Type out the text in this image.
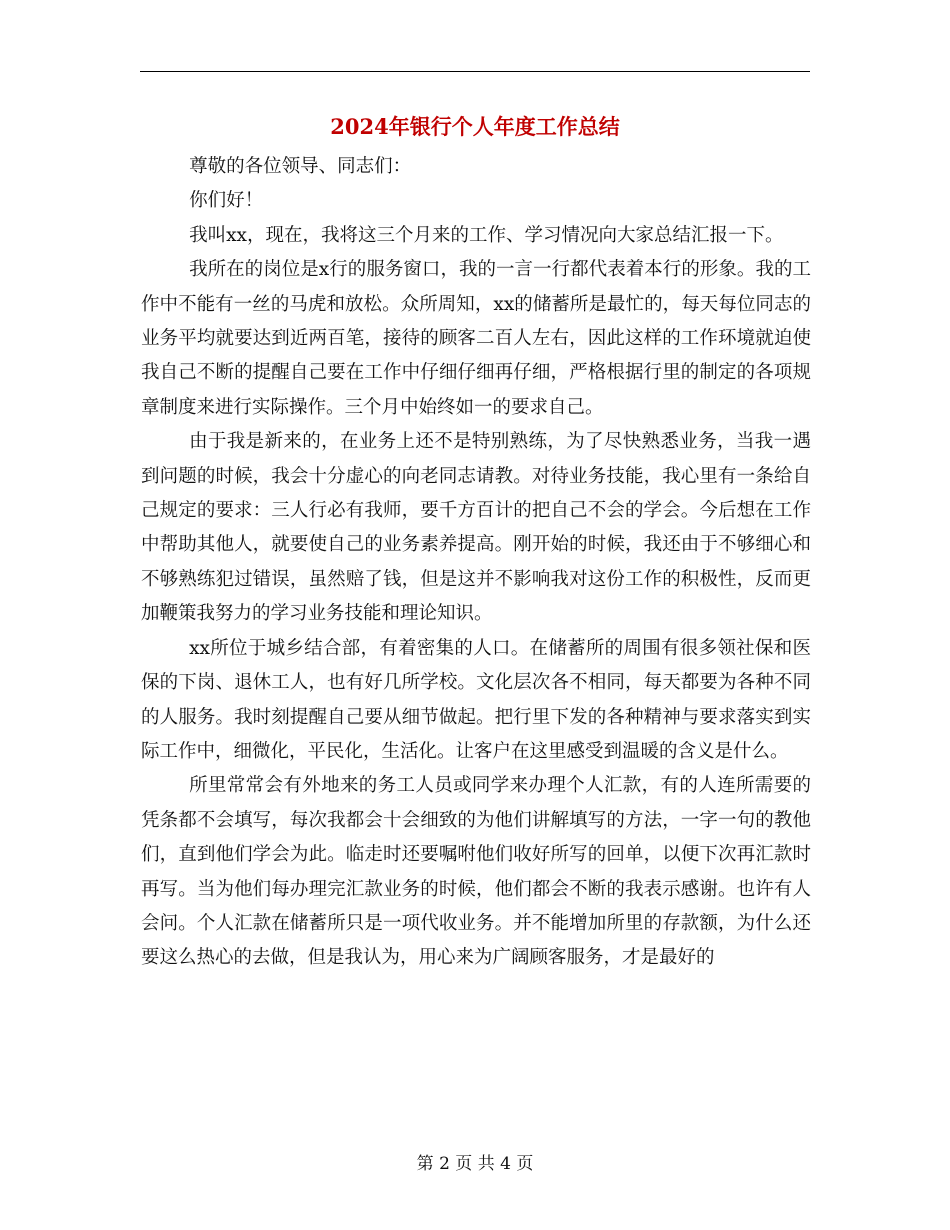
2024年银行个人年度工作总结

尊敬的各位领导、同志们：

你们好！

我叫xx，现在，我将这三个月来的工作、学习情况向大家总结汇报一下。

我所在的岗位是x行的服务窗口，我的一言一行都代表着本行的形象。我的工作中不能有一丝的马虎和放松。众所周知，xx的储蓄所是最忙的，每天每位同志的业务平均就要达到近两百笔，接待的顾客二百人左右，因此这样的工作环境就迫使我自己不断的提醒自己要在工作中仔细仔细再仔细，严格根据行里的制定的各项规章制度来进行实际操作。三个月中始终如一的要求自己。

由于我是新来的，在业务上还不是特别熟练，为了尽快熟悉业务，当我一遇到问题的时候，我会十分虚心的向老同志请教。对待业务技能，我心里有一条给自己规定的要求：三人行必有我师，要千方百计的把自己不会的学会。今后想在工作中帮助其他人，就要使自己的业务素养提高。刚开始的时候，我还由于不够细心和不够熟练犯过错误，虽然赔了钱，但是这并不影响我对这份工作的积极性，反而更加鞭策我努力的学习业务技能和理论知识。

xx所位于城乡结合部，有着密集的人口。在储蓄所的周围有很多领社保和医保的下岗、退休工人，也有好几所学校。文化层次各不相同，每天都要为各种不同的人服务。我时刻提醒自己要从细节做起。把行里下发的各种精神与要求落实到实际工作中，细微化，平民化，生活化。让客户在这里感受到温暖的含义是什么。

所里常常会有外地来的务工人员或同学来办理个人汇款，有的人连所需要的凭条都不会填写，每次我都会十会细致的为他们讲解填写的方法，一字一句的教他们，直到他们学会为此。临走时还要嘱咐他们收好所写的回单，以便下次再汇款时再写。当为他们每办理完汇款业务的时候，他们都会不断的我表示感谢。也许有人会问。个人汇款在储蓄所只是一项代收业务。并不能增加所里的存款额，为什么还要这么热心的去做，但是我认为，用心来为广阔顾客服务，才是最好的

第 2 页 共 4 页
